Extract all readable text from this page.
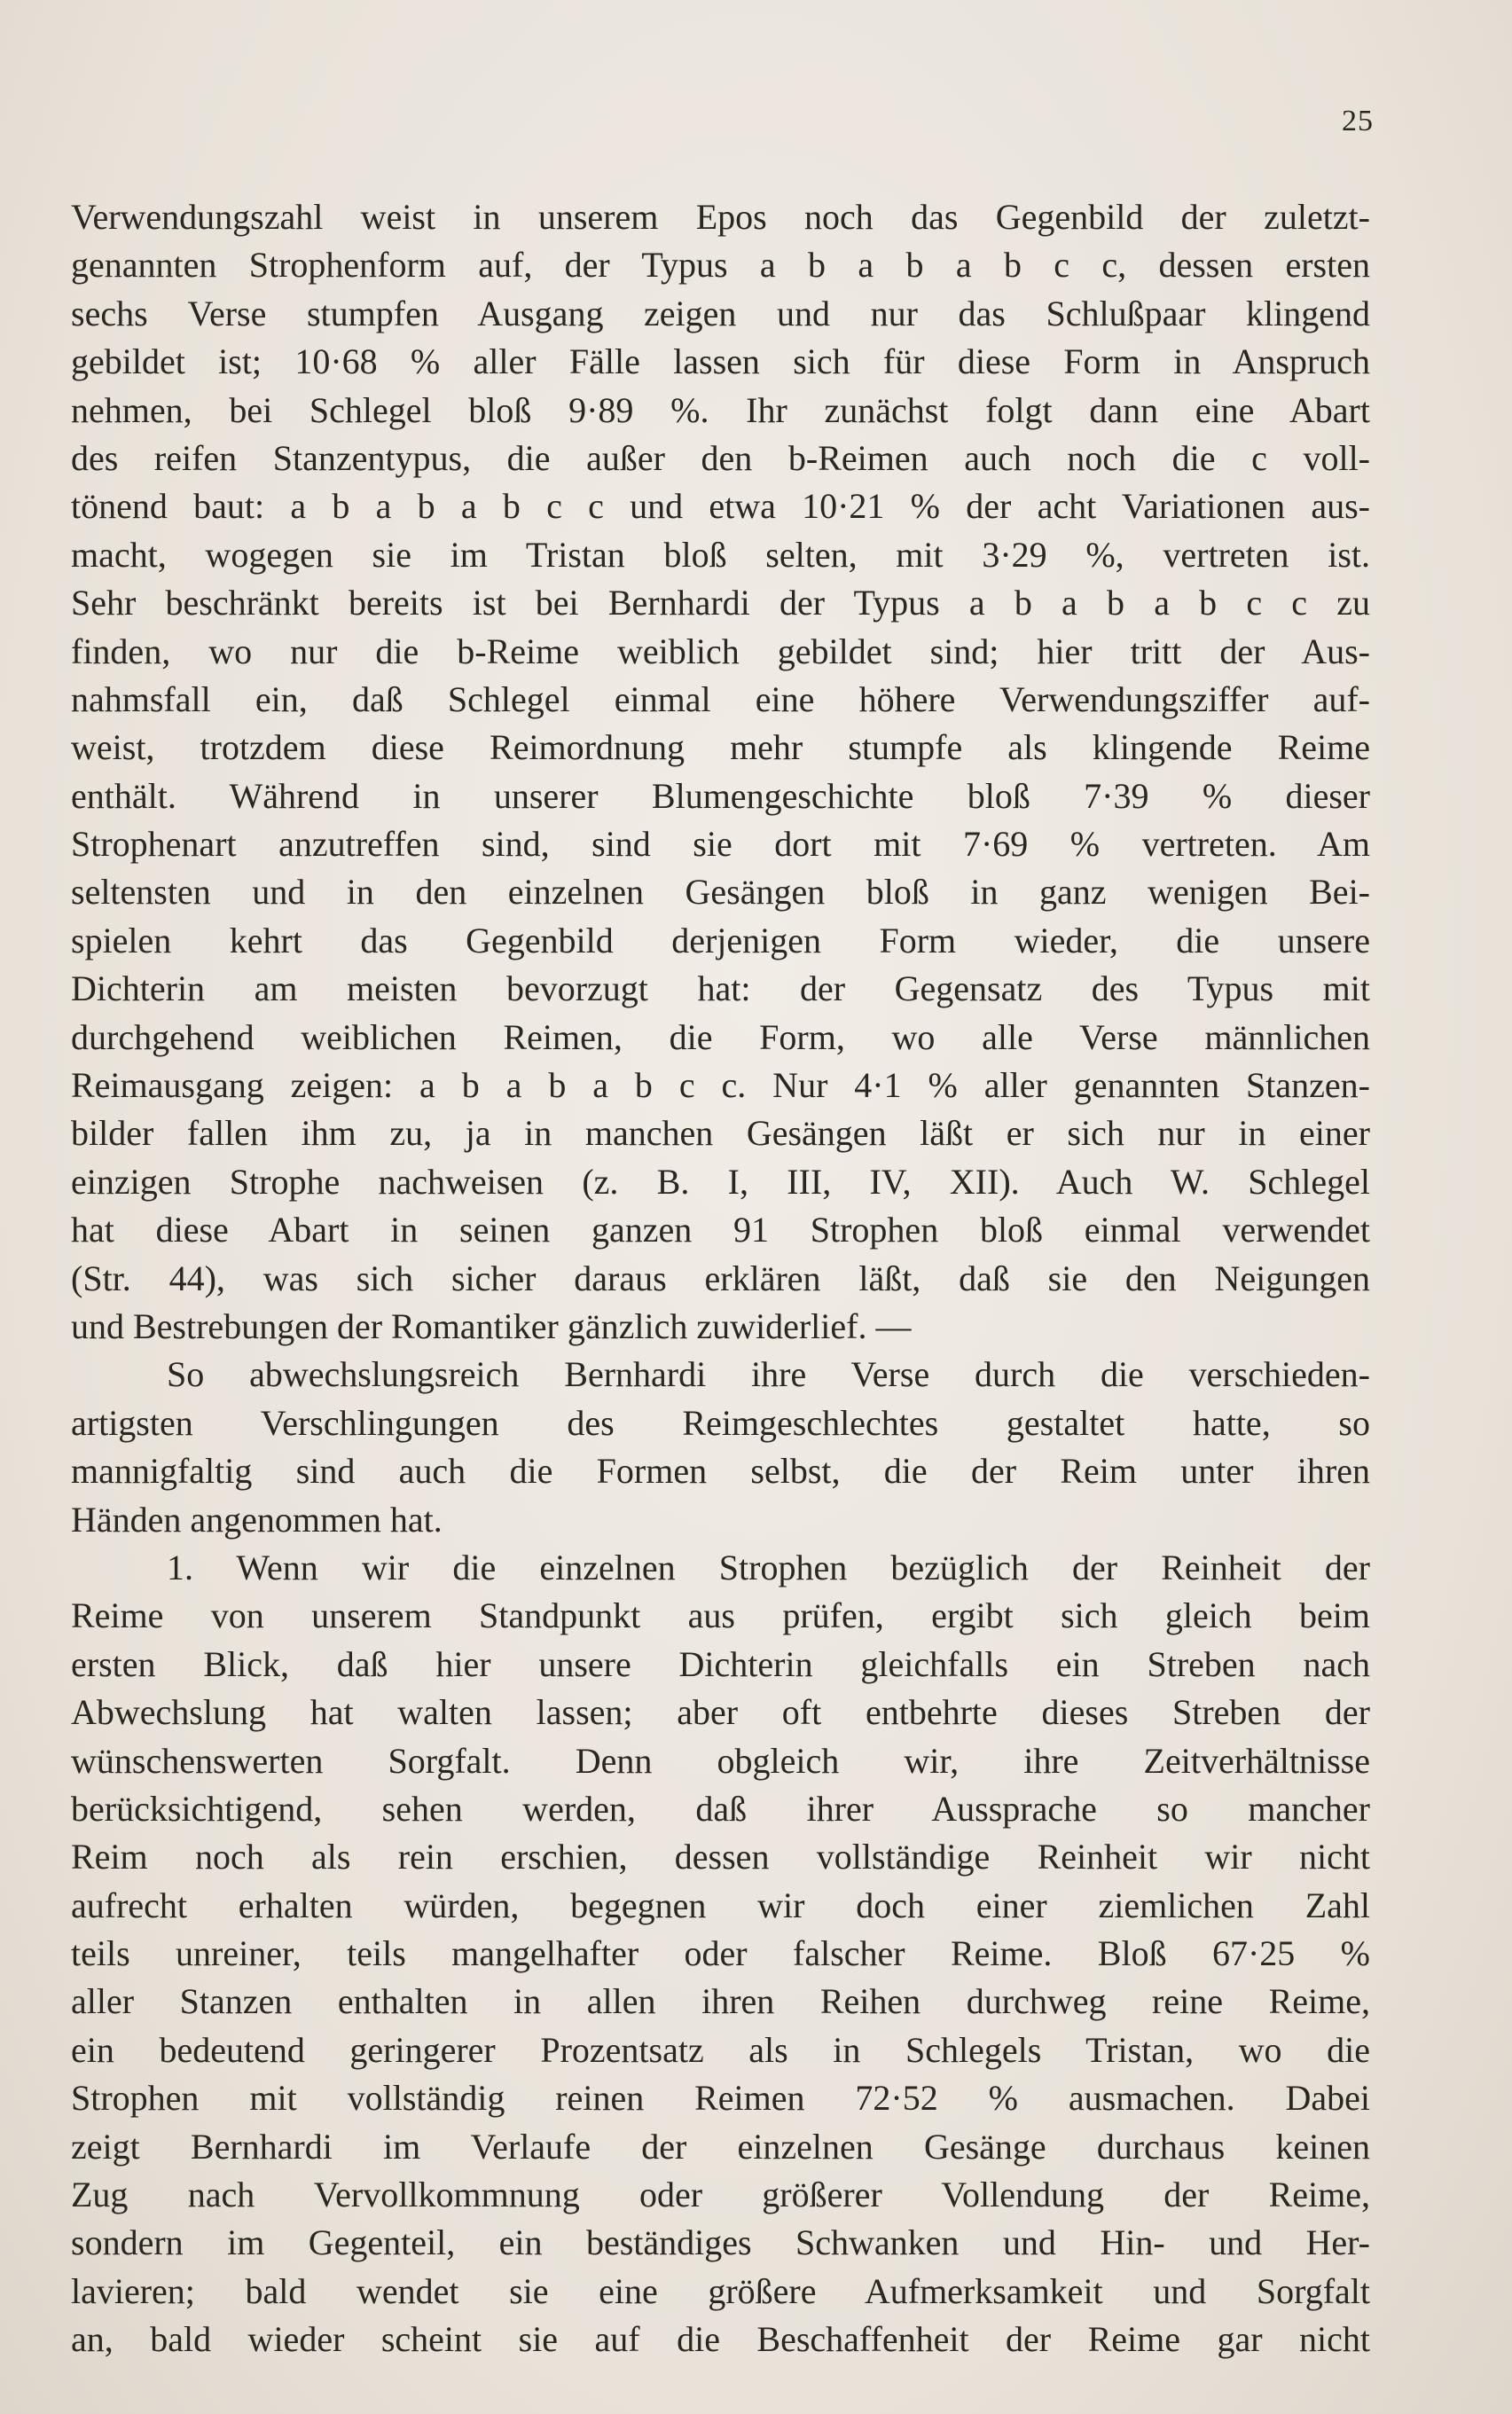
25
Verwendungszahl weist in unserem Epos noch das Gegenbild der zuletzt-
genannten Strophenform auf, der Typus a b a b a b c c, dessen ersten
sechs Verse stumpfen Ausgang zeigen und nur das Schlußpaar klingend
gebildet ist; 10·68 % aller Fälle lassen sich für diese Form in Anspruch
nehmen, bei Schlegel bloß 9·89 %. Ihr zunächst folgt dann eine Abart
des reifen Stanzentypus, die außer den b-Reimen auch noch die c voll-
tönend baut: a b a b a b c c und etwa 10·21 % der acht Variationen aus-
macht, wogegen sie im Tristan bloß selten, mit 3·29 %, vertreten ist.
Sehr beschränkt bereits ist bei Bernhardi der Typus a b a b a b c c zu
finden, wo nur die b-Reime weiblich gebildet sind; hier tritt der Aus-
nahmsfall ein, daß Schlegel einmal eine höhere Verwendungsziffer auf-
weist, trotzdem diese Reimordnung mehr stumpfe als klingende Reime
enthält. Während in unserer Blumengeschichte bloß 7·39 % dieser
Strophenart anzutreffen sind, sind sie dort mit 7·69 % vertreten. Am
seltensten und in den einzelnen Gesängen bloß in ganz wenigen Bei-
spielen kehrt das Gegenbild derjenigen Form wieder, die unsere
Dichterin am meisten bevorzugt hat: der Gegensatz des Typus mit
durchgehend weiblichen Reimen, die Form, wo alle Verse männlichen
Reimausgang zeigen: a b a b a b c c. Nur 4·1 % aller genannten Stanzen-
bilder fallen ihm zu, ja in manchen Gesängen läßt er sich nur in einer
einzigen Strophe nachweisen (z. B. I, III, IV, XII). Auch W. Schlegel
hat diese Abart in seinen ganzen 91 Strophen bloß einmal verwendet
(Str. 44), was sich sicher daraus erklären läßt, daß sie den Neigungen
und Bestrebungen der Romantiker gänzlich zuwiderlief. —
So abwechslungsreich Bernhardi ihre Verse durch die verschieden-
artigsten Verschlingungen des Reimgeschlechtes gestaltet hatte, so
mannigfaltig sind auch die Formen selbst, die der Reim unter ihren
Händen angenommen hat.
1. Wenn wir die einzelnen Strophen bezüglich der Reinheit der
Reime von unserem Standpunkt aus prüfen, ergibt sich gleich beim
ersten Blick, daß hier unsere Dichterin gleichfalls ein Streben nach
Abwechslung hat walten lassen; aber oft entbehrte dieses Streben der
wünschenswerten Sorgfalt. Denn obgleich wir, ihre Zeitverhältnisse
berücksichtigend, sehen werden, daß ihrer Aussprache so mancher
Reim noch als rein erschien, dessen vollständige Reinheit wir nicht
aufrecht erhalten würden, begegnen wir doch einer ziemlichen Zahl
teils unreiner, teils mangelhafter oder falscher Reime. Bloß 67·25 %
aller Stanzen enthalten in allen ihren Reihen durchweg reine Reime,
ein bedeutend geringerer Prozentsatz als in Schlegels Tristan, wo die
Strophen mit vollständig reinen Reimen 72·52 % ausmachen. Dabei
zeigt Bernhardi im Verlaufe der einzelnen Gesänge durchaus keinen
Zug nach Vervollkommnung oder größerer Vollendung der Reime,
sondern im Gegenteil, ein beständiges Schwanken und Hin- und Her-
lavieren; bald wendet sie eine größere Aufmerksamkeit und Sorgfalt
an, bald wieder scheint sie auf die Beschaffenheit der Reime gar nicht
